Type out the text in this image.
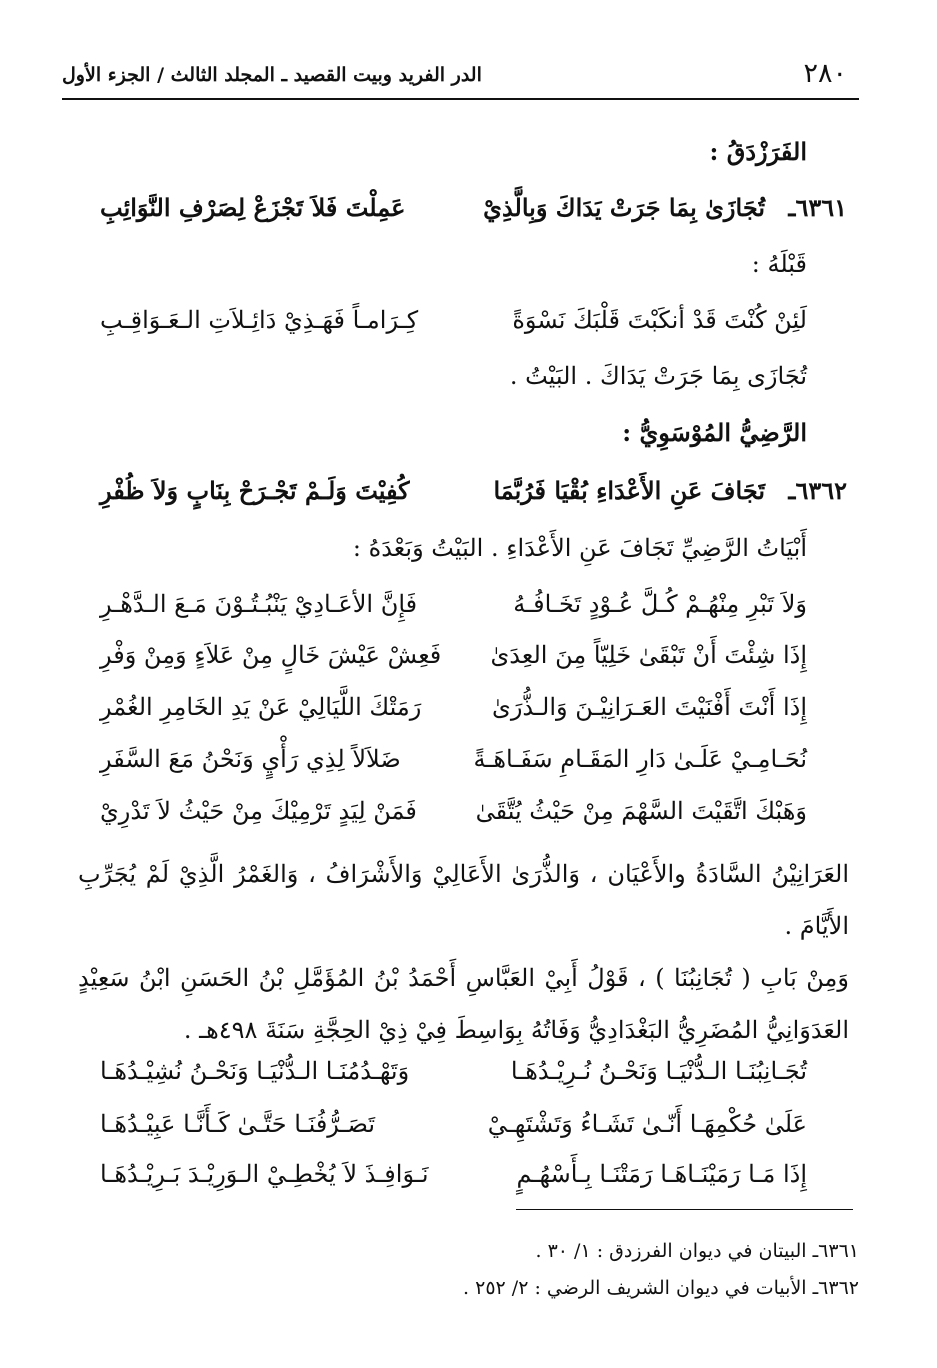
٢٨٠
الدر الفريد وبيت القصيد ـ المجلد الثالث / الجزء الأول
الفَرَزْدَقُ :
٦٣٦١ـ
تُجَازَىٰ بِمَا جَرَتْ يَدَاكَ وَبِالَّذِيْ
عَمِلْتَ فَلاَ تَجْزَعْ لِصَرْفِ النَّوَائِبِ
قَبْلَهُ :
لَئِنْ كُنْتَ قَدْ أنكَبْتَ قَلْبَكَ نَسْوَةً
كِـرَامـاً فَهَـذِيْ دَائِـلاَتِ الـعَـوَاقِـبِ
تُجَازَى بِمَا جَرَتْ يَدَاكَ . البَيْتُ .
الرَّضِيُّ المُوْسَوِيُّ :
٦٣٦٢ـ
تَجَافَ عَنِ الأَعْدَاءِ بُقْيَا فَرُبَّمَا
كُفِيْتَ وَلَـمْ تَجْـرَحْ بِنَابٍ وَلاَ ظُفْرِ
أَبْيَاتُ الرَّضِيِّ تَجَافَ عَنِ الأَعْدَاءِ . البَيْتُ وَبَعْدَهُ :
وَلاَ تَبْرِ مِنْهُـمْ كُـلَّ عُـوْدٍ تَخَـافُـهُ
فَإِنَّ الأعَـادِيْ يَنْبُـتُـوْنَ مَـعَ الـدَّهْـرِ
إِذَا شِئْتَ أَنْ تَبْقَىٰ خَلِيّاً مِنَ العِدَىٰ
فَعِشْ عَيْشَ خَالٍ مِنْ عَلاَءٍ وَمِنْ وَفْرِ
إِذَا أَنْتَ أَفْنَيْتَ العَـرَانِيْـنَ وَالـذُّرَىٰ
رَمَتْكَ اللَّيَالِيْ عَنْ يَدِ الخَامِرِ الغُمْرِ
نُحَـامِـيْ عَلَـىٰ دَارِ المَقَـامِ سَفَـاهَـةً
ضَلاَلاً لِذِي رَأْيٍ وَنَحْنُ مَعَ السَّفَرِ
وَهَبْكَ اتَّقَيْتَ السَّهْمَ مِنْ حَيْثُ يُتَّقَىٰ
فَمَنْ لِيَدٍ تَرْمِيْكَ مِنْ حَيْثُ لاَ تَدْرِيْ
العَرَانِيْنُ السَّادَةُ والأَعْيَان ، وَالذُّرَىٰ الأَعَالِيْ وَالأَشْرَافُ ، وَالغَمْرُ الَّذِيْ لَمْ يُجَرِّبِ الأَيَّامَ .
وَمِنْ بَابِ ( تُجَانِبُنَا ) ، قَوْلُ أَبِيْ العَبَّاسِ أَحْمَدُ بْنُ المُؤَمَّلِ بْنُ الحَسَنِ ابْنُ سَعِيْدٍ العَدَوَانِيُّ المُضَرِيُّ البَغْدَادِيُّ وَفَاتُهُ بِوَاسِطَ فِيْ ذِيْ الحِجَّةِ سَنَةَ ٤٩٨هـ .
تُجَـانِبُنَـا الـدُّنْيَـا وَنَحْـنُ نُـرِيْـدُهَـا
وَتَهْـدُمُنَـا الـدُّنْيَـا وَنَحْـنُ نُشِيْـدُهَـا
عَلَىٰ حُكْمِهَـا أَنّـىٰ تَشَـاءُ وَتَشْتَهِـيْ
تَصَـرُّفُنَـا حَتَّـىٰ كَـأَنَّـا عَبِيْـدُهَـا
إِذَا مَـا رَمَيْنَـاهَـا رَمَتْنَـا بِـأَسْهُـمٍ
نَـوَافِـذَ لاَ يُخْطِـيْ الـوَرِيْـدَ بَـرِيْـدُهَـا
٦٣٦١ـ البيتان في ديوان الفرزدق : ١/ ٣٠ .
٦٣٦٢ـ الأبيات في ديوان الشريف الرضي : ٢/ ٢٥٢ .
